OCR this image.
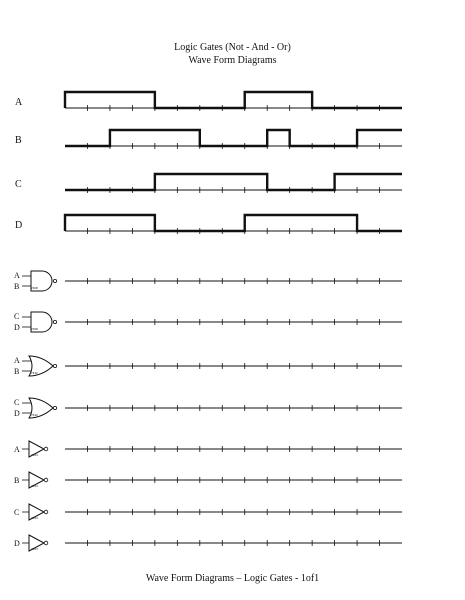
Logic Gates (Not - And - Or)
Wave Form Diagrams
A
B
C
D
A
B	7408
C
D	7408
A
B	7432
C
D	7432
A
7404
B
7404
C
7404
D
7404
Wave Form Diagrams – Logic Gates - 1of1
